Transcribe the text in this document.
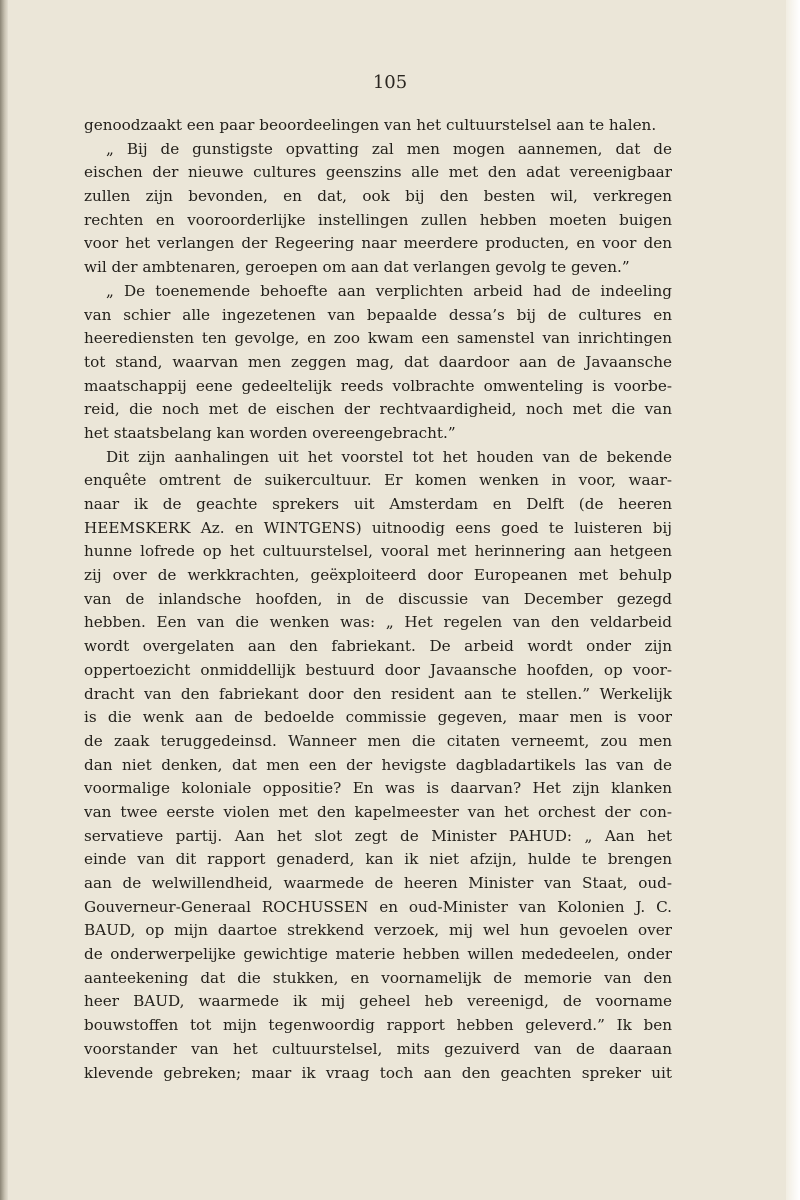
105
genoodzaakt een paar beoordeelingen van het cultuurstelsel aan te halen.
„ Bij de gunstigste opvatting zal men mogen aannemen, dat de
eischen der nieuwe cultures geenszins alle met den adat vereenigbaar
zullen zijn bevonden, en dat, ook bij den besten wil, verkregen
rechten en vooroorderlijke instellingen zullen hebben moeten buigen
voor het verlangen der Regeering naar meerdere producten, en voor den
wil der ambtenaren, geroepen om aan dat verlangen gevolg te geven.”
„ De toenemende behoefte aan verplichten arbeid had de indeeling
van schier alle ingezetenen van bepaalde dessa’s bij de cultures en
heerediensten ten gevolge, en zoo kwam een samenstel van inrichtingen
tot stand, waarvan men zeggen mag, dat daardoor aan de Javaansche
maatschappij eene gedeeltelijk reeds volbrachte omwenteling is voorbe-
reid, die noch met de eischen der rechtvaardigheid, noch met die van
het staatsbelang kan worden overeengebracht.”
Dit zijn aanhalingen uit het voorstel tot het houden van de bekende
enquête omtrent de suikercultuur. Er komen wenken in voor, waar-
naar ik de geachte sprekers uit Amsterdam en Delft (de heeren
HEEMSKERK Az. en WINTGENS) uitnoodig eens goed te luisteren bij
hunne lofrede op het cultuurstelsel, vooral met herinnering aan hetgeen
zij over de werkkrachten, geëxploiteerd door Europeanen met behulp
van de inlandsche hoofden, in de discussie van December gezegd
hebben. Een van die wenken was: „ Het regelen van den veldarbeid
wordt overgelaten aan den fabriekant. De arbeid wordt onder zijn
oppertoezicht onmiddellijk bestuurd door Javaansche hoofden, op voor-
dracht van den fabriekant door den resident aan te stellen.” Werkelijk
is die wenk aan de bedoelde commissie gegeven, maar men is voor
de zaak teruggedeinsd. Wanneer men die citaten verneemt, zou men
dan niet denken, dat men een der hevigste dagbladartikels las van de
voormalige koloniale oppositie? En was is daarvan? Het zijn klanken
van twee eerste violen met den kapelmeester van het orchest der con-
servatieve partij. Aan het slot zegt de Minister PAHUD: „ Aan het
einde van dit rapport genaderd, kan ik niet afzijn, hulde te brengen
aan de welwillendheid, waarmede de heeren Minister van Staat, oud-
Gouverneur-Generaal ROCHUSSEN en oud-Minister van Kolonien J. C.
BAUD, op mijn daartoe strekkend verzoek, mij wel hun gevoelen over
de onderwerpelijke gewichtige materie hebben willen mededeelen, onder
aanteekening dat die stukken, en voornamelijk de memorie van den
heer BAUD, waarmede ik mij geheel heb vereenigd, de voorname
bouwstoffen tot mijn tegenwoordig rapport hebben geleverd.” Ik ben
voorstander van het cultuurstelsel, mits gezuiverd van de daaraan
klevende gebreken; maar ik vraag toch aan den geachten spreker uit
